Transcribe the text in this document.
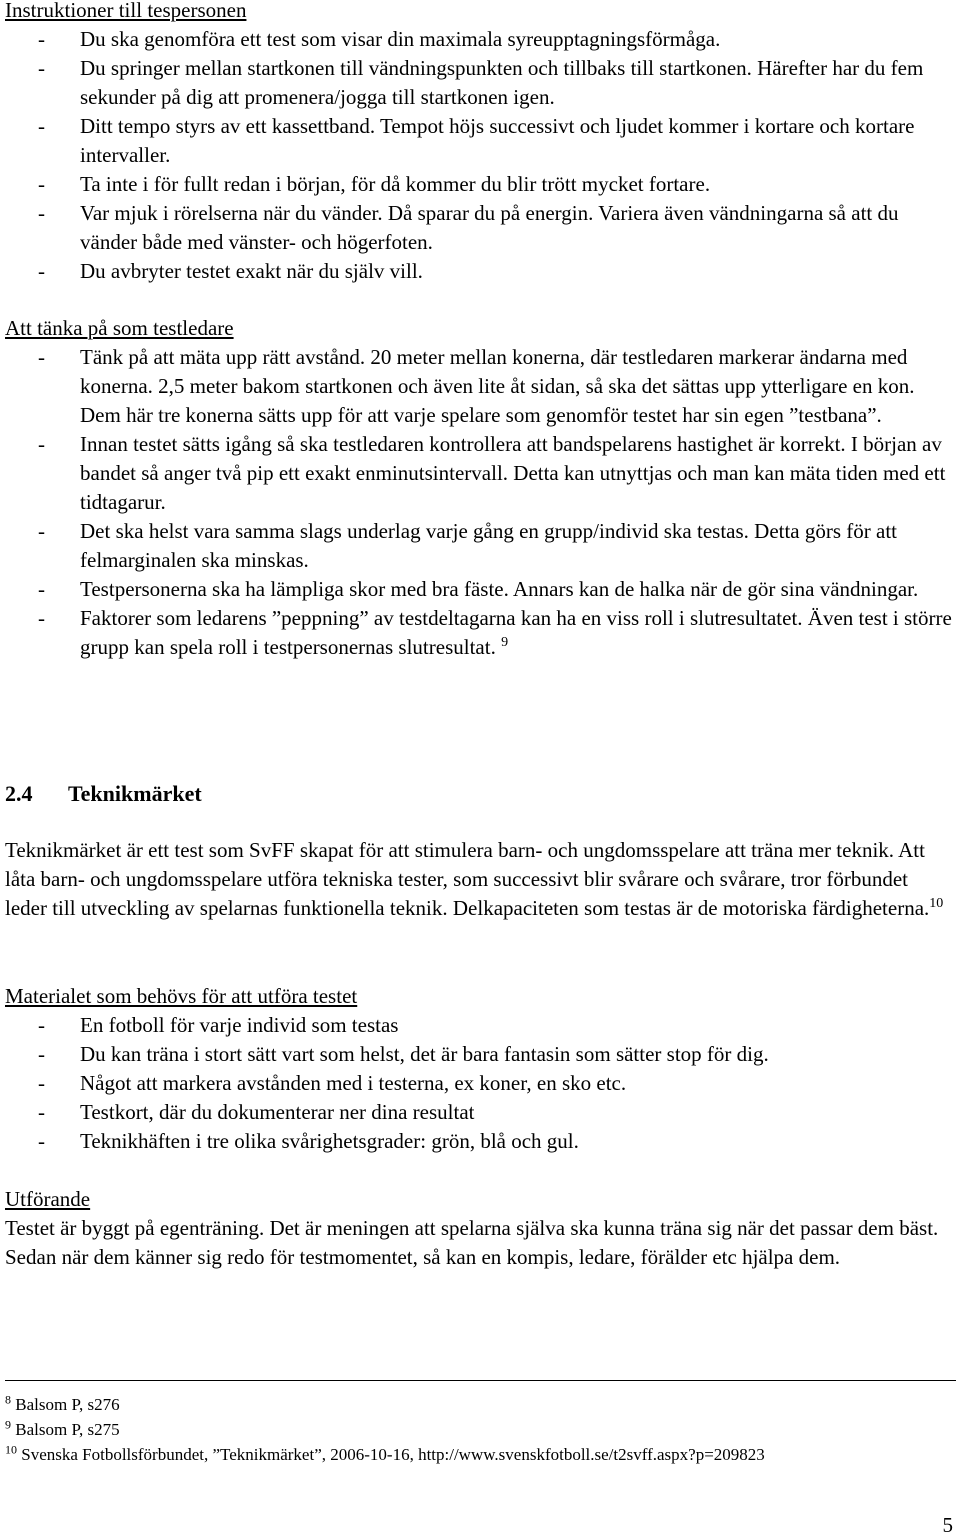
Instruktioner till tespersonen

- Du ska genomföra ett test som visar din maximala syreupptagningsförmåga.
- Du springer mellan startkonen till vändningspunkten och tillbaks till startkonen. Härefter har du fem sekunder på dig att promenera/jogga till startkonen igen.
- Ditt tempo styrs av ett kassettband. Tempot höjs successivt och ljudet kommer i kortare och kortare intervaller.
- Ta inte i för fullt redan i början, för då kommer du blir trött mycket fortare.
- Var mjuk i rörelserna när du vänder. Då sparar du på energin. Variera även vändningarna så att du vänder både med vänster- och högerfoten.
- Du avbryter testet exakt när du själv vill.

Att tänka på som testledare

- Tänk på att mäta upp rätt avstånd. 20 meter mellan konerna, där testledaren markerar ändarna med konerna. 2,5 meter bakom startkonen och även lite åt sidan, så ska det sättas upp ytterligare en kon. Dem här tre konerna sätts upp för att varje spelare som genomför testet har sin egen ”testbana”.
- Innan testet sätts igång så ska testledaren kontrollera att bandspelarens hastighet är korrekt. I början av bandet så anger två pip ett exakt enminutsintervall. Detta kan utnyttjas och man kan mäta tiden med ett tidtagarur.
- Det ska helst vara samma slags underlag varje gång en grupp/individ ska testas. Detta görs för att felmarginalen ska minskas.
- Testpersonerna ska ha lämpliga skor med bra fäste. Annars kan de halka när de gör sina vändningar.
- Faktorer som ledarens ”peppning” av testdeltagarna kan ha en viss roll i slutresultatet. Även test i större grupp kan spela roll i testpersonernas slutresultat. $^9$
2.4 Teknikmärket

Teknikmärket är ett test som SvFF skapat för att stimulera barn- och ungdomsspelare att träna mer teknik. Att låta barn- och ungdomsspelare utföra tekniska tester, som successivt blir svårare och svårare, tror förbundet leder till utveckling av spelarnas funktionella teknik. Delkapaciteten som testas är de motoriska färdigheterna.$^{10}$

Materialet som behövs för att utföra testet

- En fotboll för varje individ som testas
- Du kan träna i stort sätt vart som helst, det är bara fantasin som sätter stop för dig.
- Något att markera avstånden med i testerna, ex koner, en sko etc.
- Testkort, där du dokumenterar ner dina resultat
- Teknikhäften i tre olika svårighetsgrader: grön, blå och gul.

Utförande

Testet är byggt på egenträning. Det är meningen att spelarna själva ska kunna träna sig när det passar dem bäst. Sedan när dem känner sig redo för testmomentet, så kan en kompis, ledare, förälder etc hjälpa dem.

$^8$ Balsom P, s276
$^9$ Balsom P, s275
$^{10}$ Svenska Fotbollsförbundet, ”Teknikmärket”, 2006-10-16, http://www.svenskfotboll.se/t2svff.aspx?p=209823
5
